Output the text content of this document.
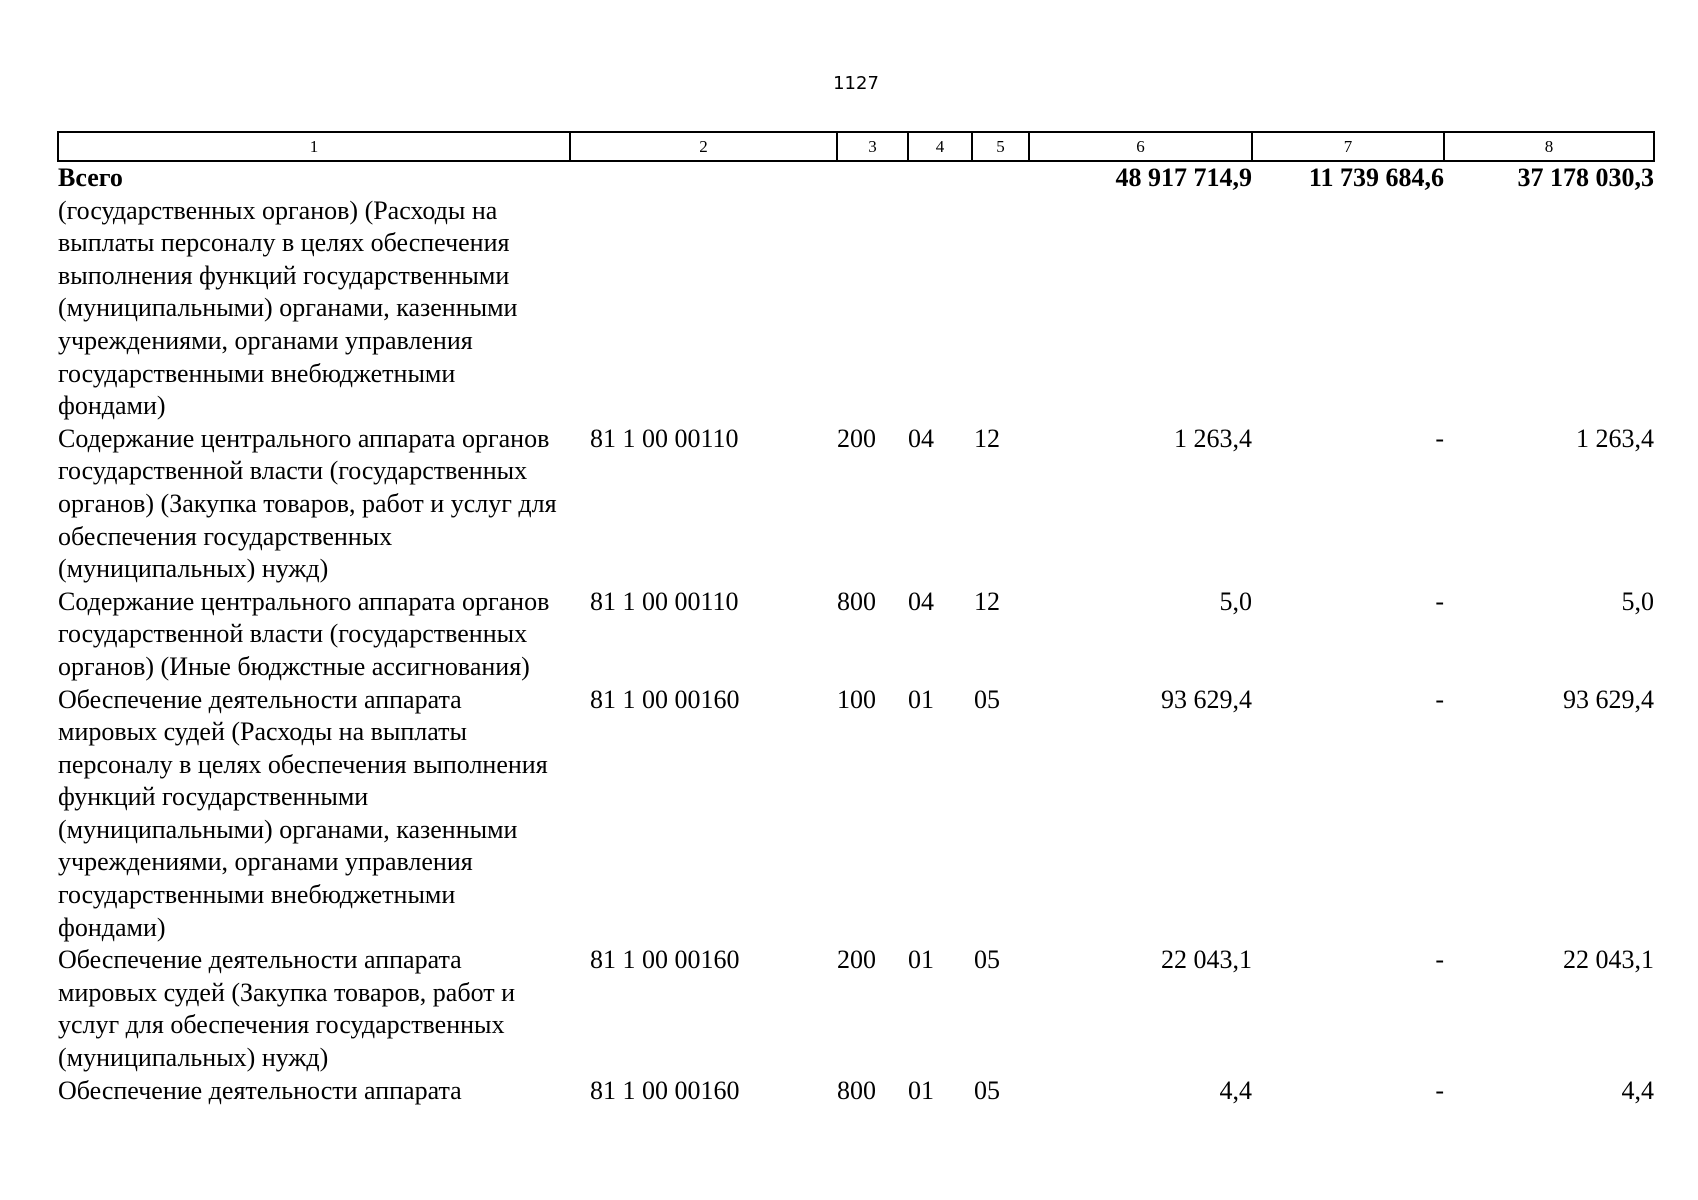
1127
1	2	3	4	5	6	7	8
Всего					48 917 714,9	11 739 684,6	37 178 030,3
(государственных органов) (Расходы на выплаты персоналу в целях обеспечения выполнения функций государственными (муниципальными) органами, казенными учреждениями, органами управления государственными внебюджетными фондами)							
Содержание центрального аппарата органов государственной власти (государственных органов) (Закупка товаров, работ и услуг для обеспечения государственных (муниципальных) нужд)	81 1 00 00110	200	04	12	1 263,4	-	1 263,4
Содержание центрального аппарата органов государственной власти (государственных органов) (Иные бюджстные ассигнования)	81 1 00 00110	800	04	12	5,0	-	5,0
Обеспечение деятельности аппарата мировых судей (Расходы на выплаты персоналу в целях обеспечения выполнения функций государственными (муниципальными) органами, казенными учреждениями, органами управления государственными внебюджетными фондами)	81 1 00 00160	100	01	05	93 629,4	-	93 629,4
Обеспечение деятельности аппарата мировых судей (Закупка товаров, работ и услуг для обеспечения государственных (муниципальных) нужд)	81 1 00 00160	200	01	05	22 043,1	-	22 043,1
Обеспечение деятельности аппарата	81 1 00 00160	800	01	05	4,4	-	4,4
